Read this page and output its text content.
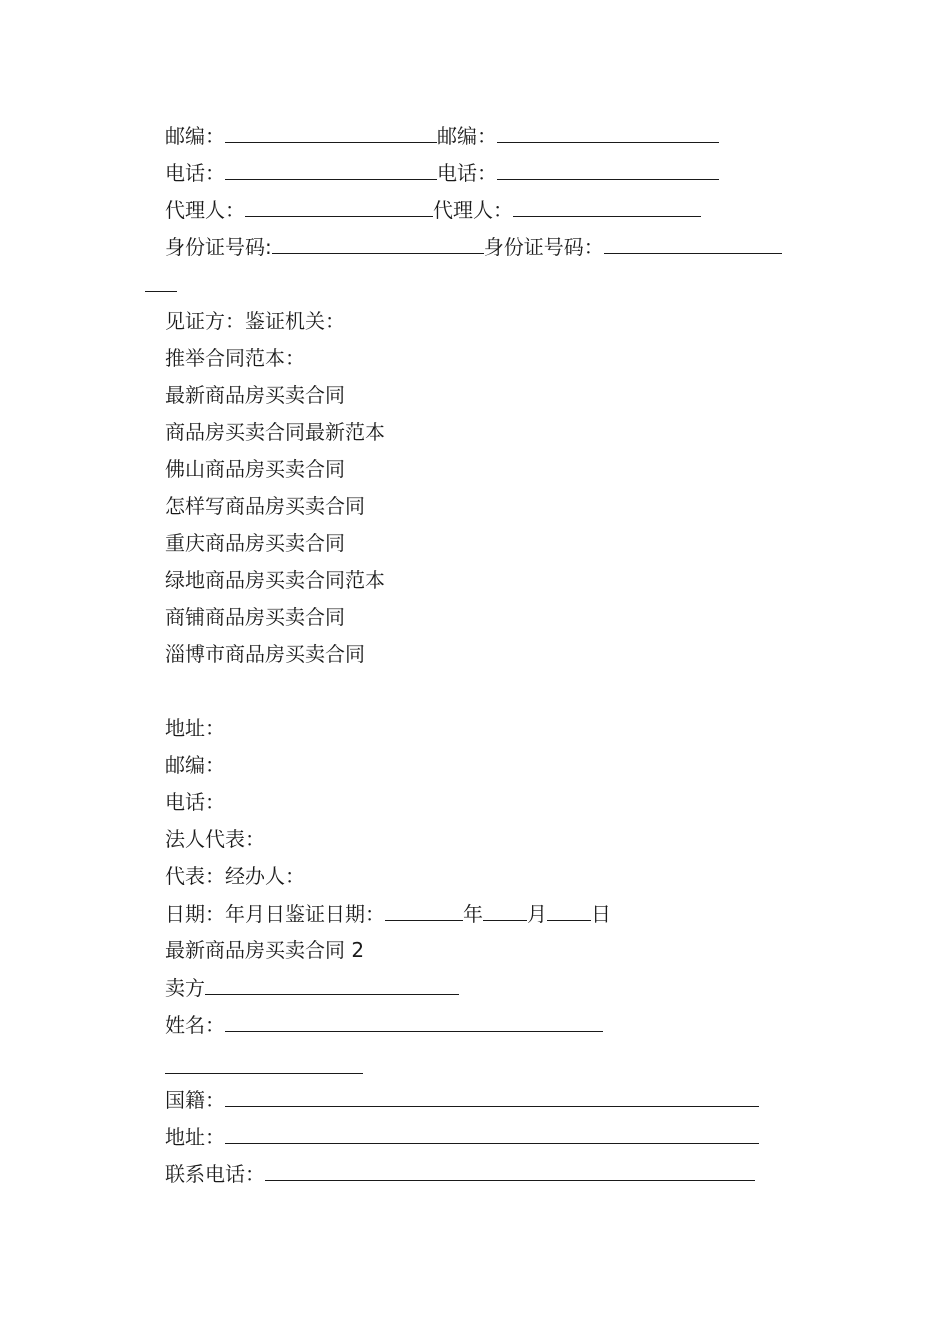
邮编：	邮编：
电话：	电话：
代理人：	代理人：
身份证号码:	身份证号码：
见证方：鉴证机关：
推举合同范本：
最新商品房买卖合同
商品房买卖合同最新范本
佛山商品房买卖合同
怎样写商品房买卖合同
重庆商品房买卖合同
绿地商品房买卖合同范本
商铺商品房买卖合同
淄博市商品房买卖合同
地址：
邮编：
电话：
法人代表：
代表：经办人：
日期：年月日鉴证日期：	年 月 日
最新商品房买卖合同 2
卖方
姓名：
国籍：
地址：
联系电话：
